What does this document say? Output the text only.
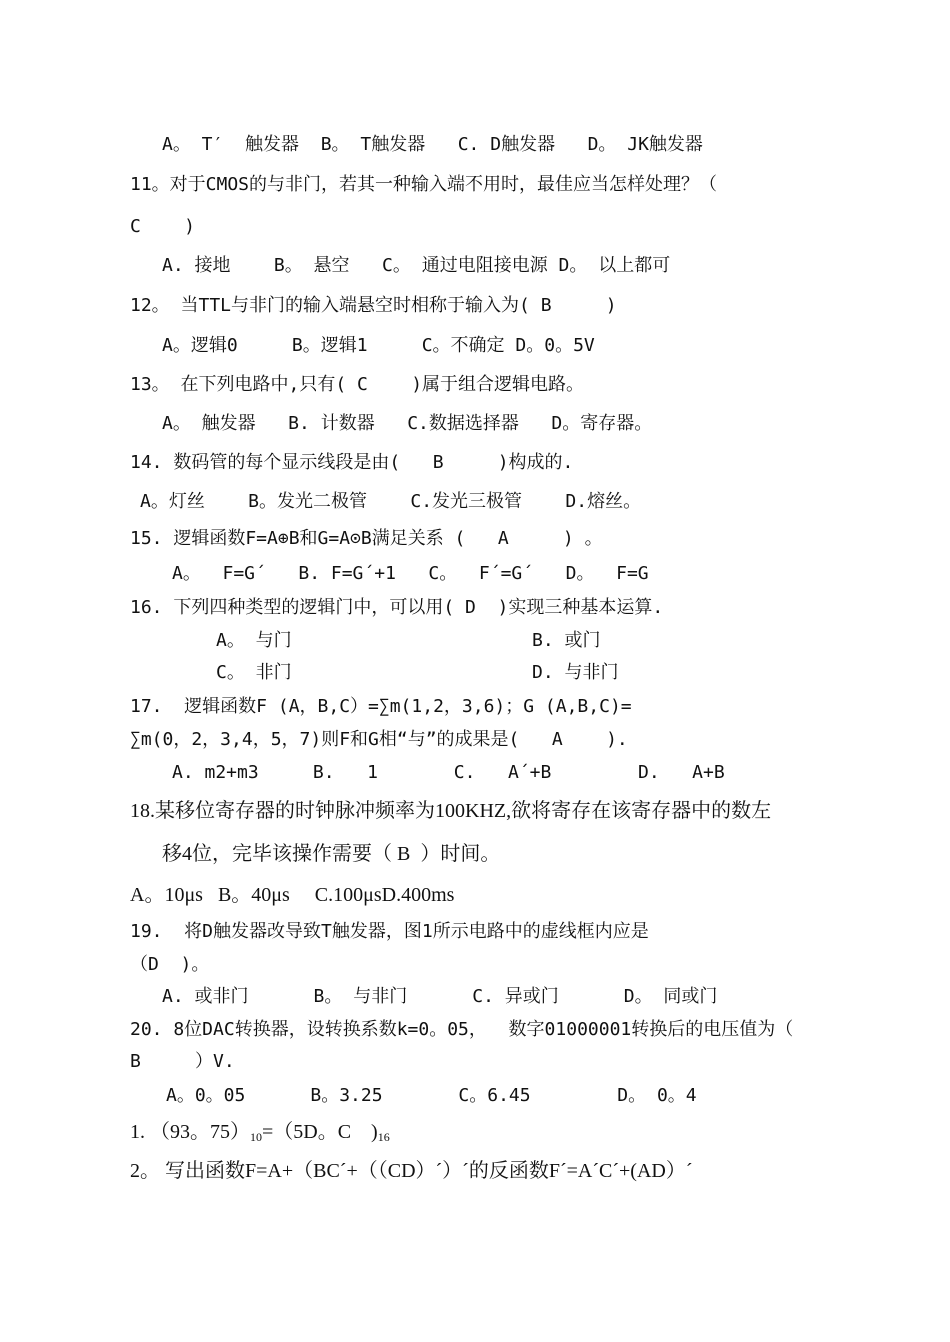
A。 T′  触发器  B。 T触发器   C. D触发器   D。 JK触发器
11。对于CMOS的与非门，若其一种输入端不用时，最佳应当怎样处理？（
C    )
A. 接地    B。 悬空   C。 通过电阻接电源 D。 以上都可
12。 当TTL与非门的输入端悬空时相称于输入为( B     )
A。逻辑0     B。逻辑1     C。不确定 D。0。5V
13。 在下列电路中,只有( C    )属于组合逻辑电路。
A。 触发器   B. 计数器   C.数据选择器   D。寄存器。
14. 数码管的每个显示线段是由(   B     )构成的.
A。灯丝    B。发光二极管    C.发光三极管    D.熔丝。
15. 逻辑函数F=A⊕B和G=A⊙B满足关系 (   A     ) 。
A。  F=G´   B. F=G´+1   C。  F´=G´   D。  F=G
16. 下列四种类型的逻辑门中，可以用( D  )实现三种基本运算.
A。 与门	B. 或门
C。 非门	D. 与非门
17.  逻辑函数F (A，B,C）=∑m(1,2，3,6)；G (A,B,C)=
∑m(0，2，3,4，5，7)则F和G相“与”的成果是(   A    ).
A. m2+m3     B.   1       C.   A´+B        D.   A+B
18.某移位寄存器的时钟脉冲频率为100KHZ,欲将寄存在该寄存器中的数左
移4位，完毕该操作需要（ B  ）时间。
A。10μs   B。40μs     C.100μsD.400ms
19.  将D触发器改导致T触发器，图1所示电路中的虚线框内应是
（D  )。
A. 或非门      B。 与非门      C. 异或门      D。 同或门
20. 8位DAC转换器，设转换系数k=0。05，  数字01000001转换后的电压值为（
B     ）V.
A。0。05      B。3.25       C。6.45        D。 0。4
1. （93。$75)_{10}=(5D$。C    )$_{16}$
2。 写出函数F=A+（BC´+（（CD）´）´的反函数F´=A´C´+(AD）´
